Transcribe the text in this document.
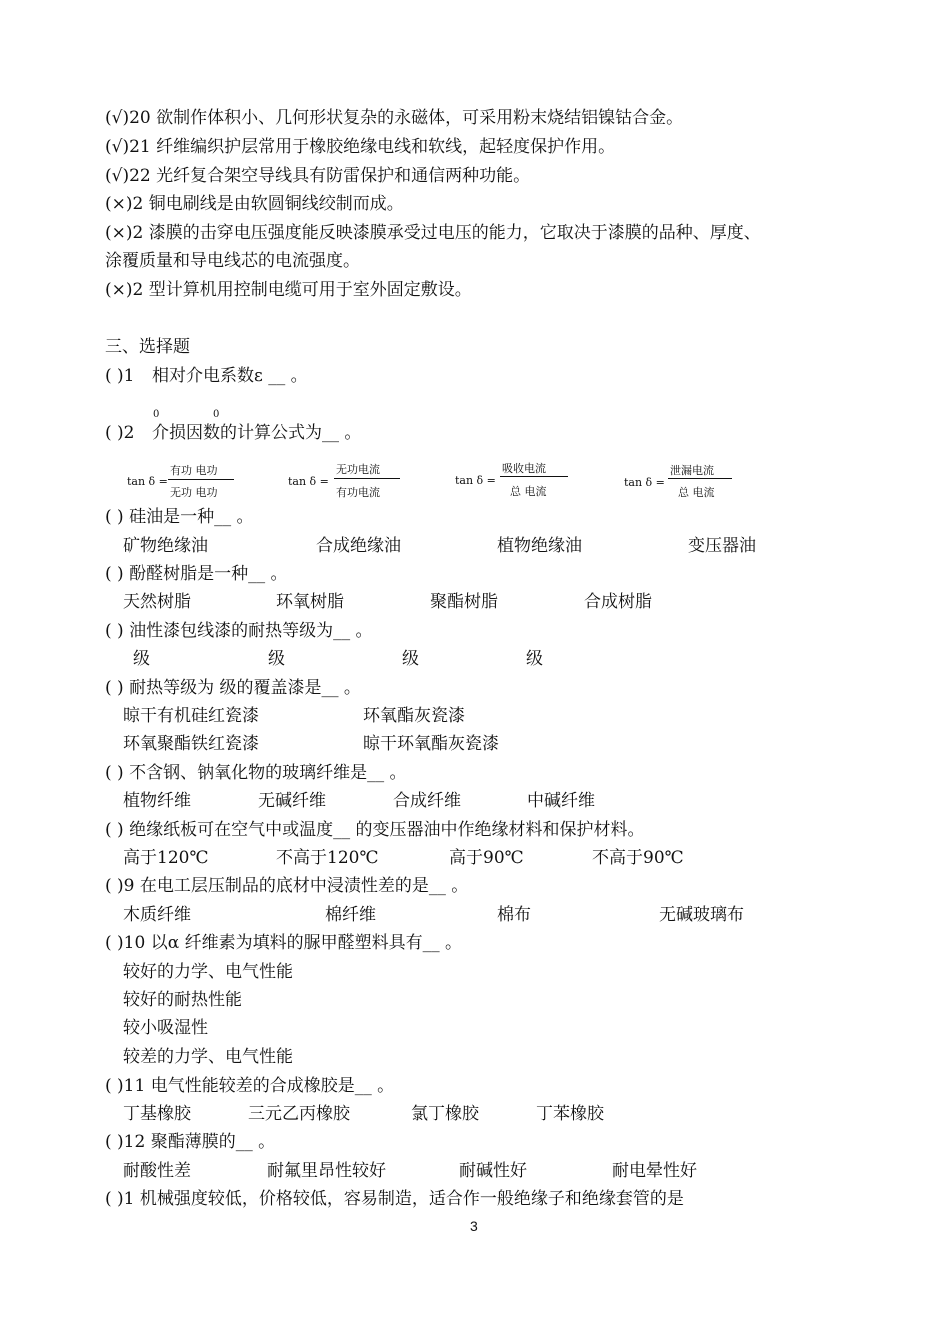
(√)20 欲制作体积小、几何形状复杂的永磁体，可采用粉末烧结铝镍钴合金。
(√)21 纤维编织护层常用于橡胶绝缘电线和软线，起轻度保护作用。
(√)22 光纤复合架空导线具有防雷保护和通信两种功能。
(×)2 铜电刷线是由软圆铜线绞制而成。
(×)2 漆膜的击穿电压强度能反映漆膜承受过电压的能力，它取决于漆膜的品种、厚度、
涂覆质量和导电线芯的电流强度。
(×)2 型计算机用控制电缆可用于室外固定敷设。
三、选择题
( )1 相对介电系数ε __ 。
0
( )2 介损因数的计算公式为__ 。
0
tan δ =
有功 电功
无功 电功
tan δ =
无功电流
有功电流
tan δ =
吸收电流
总 电流
tan δ =
泄漏电流
总 电流
( ) 硅油是一种__ 。
矿物绝缘油	合成绝缘油	植物绝缘油	变压器油
( ) 酚醛树脂是一种__ 。
天然树脂	环氧树脂	聚酯树脂	合成树脂
( ) 油性漆包线漆的耐热等级为__ 。
级	级	级	级
( ) 耐热等级为 级的覆盖漆是__ 。
晾干有机硅红瓷漆	环氧酯灰瓷漆
环氧聚酯铁红瓷漆	晾干环氧酯灰瓷漆
( ) 不含钢、钠氧化物的玻璃纤维是__ 。
植物纤维	无碱纤维	合成纤维	中碱纤维
( ) 绝缘纸板可在空气中或温度__ 的变压器油中作绝缘材料和保护材料。
高于120℃	不高于120℃	高于90℃	不高于90℃
( )9 在电工层压制品的底材中浸渍性差的是__ 。
木质纤维	棉纤维	棉布	无碱玻璃布
( )10 以α 纤维素为填料的脲甲醛塑料具有__ 。
较好的力学、电气性能
较好的耐热性能
较小吸湿性
较差的力学、电气性能
( )11 电气性能较差的合成橡胶是__ 。
丁基橡胶	三元乙丙橡胶	氯丁橡胶	丁苯橡胶
( )12 聚酯薄膜的__ 。
耐酸性差	耐氟里昂性较好	耐碱性好	耐电晕性好
( )1 机械强度较低，价格较低，容易制造，适合作一般绝缘子和绝缘套管的是
3
